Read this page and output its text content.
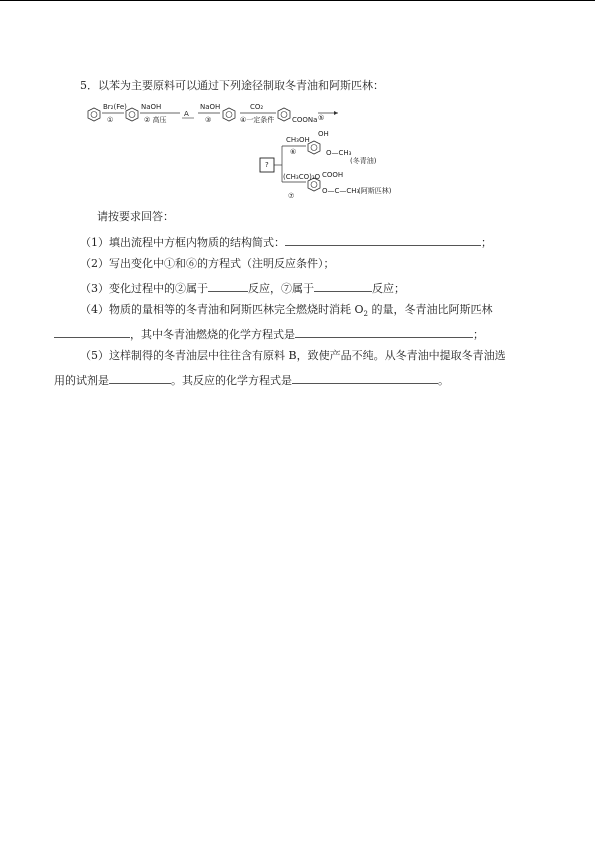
5．以苯为主要原料可以通过下列途径制取冬青油和阿斯匹林：
Br₂(Fe)
①
NaOH
② 高压
A
NaOH
③
CO₂
④一定条件	COONa ⑤
?
CH₃OH
⑥
OH
O—CH₃
(冬青油)
(CH₃CO)₂O
⑦
COOH
O—C—CH₃
(阿斯匹林)
请按要求回答：
（1）填出流程中方框内物质的结构简式：	；
（2）写出变化中①和⑥的方程式（注明反应条件）；
（3）变化过程中的②属于	反应，⑦属于	反应；
（4）物质的量相等的冬青油和阿斯匹林完全燃烧时消耗 $O_2$ 的量，冬青油比阿斯匹林
，其中冬青油燃烧的化学方程式是	；
（5）这样制得的冬青油层中往往含有原料 B，致使产品不纯。从冬青油中提取冬青油选
用的试剂是	。其反应的化学方程式是	。
